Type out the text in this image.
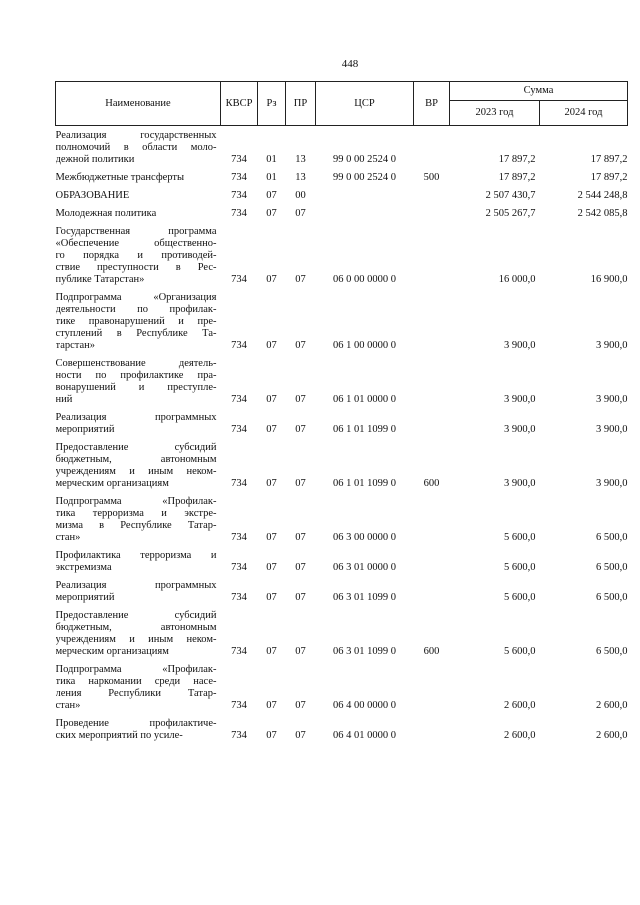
448
Наименование	КВСР	Рз	ПР	ЦСР	ВР	Сумма	
						2023 год	2024 год

Реализация государственных
полномочий в области моло-
дежной политики	734	01	13	99 0 00 2524 0		17 897,2	17 897,2

Межбюджетные трансферты	734	01	13	99 0 00 2524 0	500	17 897,2	17 897,2

ОБРАЗОВАНИЕ	734	07	00			2 507 430,7	2 544 248,8

Молодежная политика	734	07	07			2 505 267,7	2 542 085,8

Государственная программа
«Обеспечение общественно-
го порядка и противодей-
ствие преступности в Рес-
публике Татарстан»	734	07	07	06 0 00 0000 0		16 000,0	16 900,0

Подпрограмма «Организация
деятельности по профилак-
тике правонарушений и пре-
ступлений в Республике Та-
тарстан»	734	07	07	06 1 00 0000 0		3 900,0	3 900,0

Совершенствование деятель-
ности по профилактике пра-
вонарушений и преступле-
ний	734	07	07	06 1 01 0000 0		3 900,0	3 900,0

Реализация программных
мероприятий	734	07	07	06 1 01 1099 0		3 900,0	3 900,0

Предоставление субсидий
бюджетным, автономным
учреждениям и иным неком-
мерческим организациям	734	07	07	06 1 01 1099 0	600	3 900,0	3 900,0

Подпрограмма «Профилак-
тика терроризма и экстре-
мизма в Республике Татар-
стан»	734	07	07	06 3 00 0000 0		5 600,0	6 500,0

Профилактика терроризма и
экстремизма	734	07	07	06 3 01 0000 0		5 600,0	6 500,0

Реализация программных
мероприятий	734	07	07	06 3 01 1099 0		5 600,0	6 500,0

Предоставление субсидий
бюджетным, автономным
учреждениям и иным неком-
мерческим организациям	734	07	07	06 3 01 1099 0	600	5 600,0	6 500,0

Подпрограмма «Профилак-
тика наркомании среди насе-
ления Республики Татар-
стан»	734	07	07	06 4 00 0000 0		2 600,0	2 600,0

Проведение профилактиче-
ских мероприятий по усиле-	734	07	07	06 4 01 0000 0		2 600,0	2 600,0
